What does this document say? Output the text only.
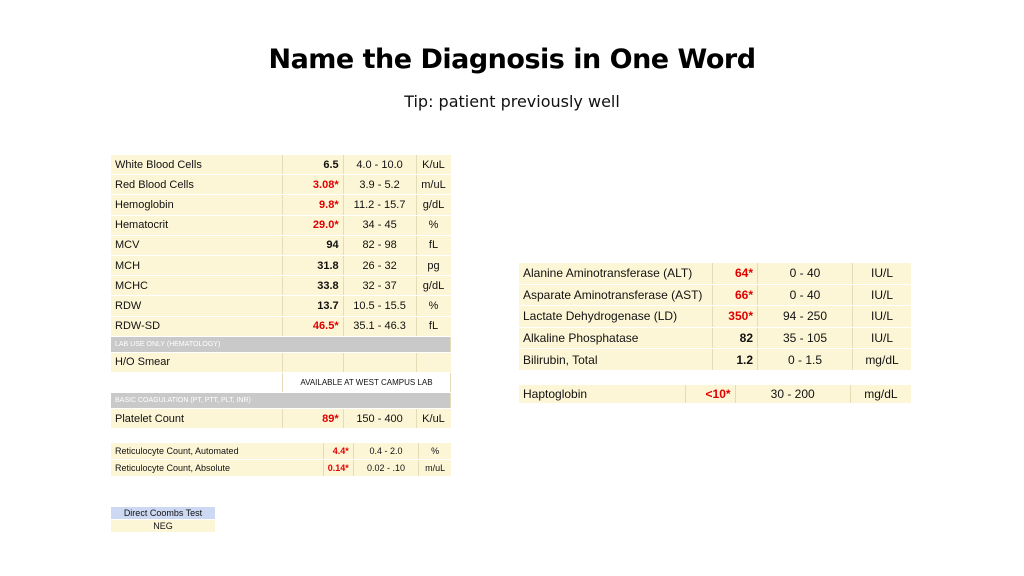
Name the Diagnosis in One Word
Tip: patient previously well
White Blood Cells	6.5	4.0 - 10.0	K/uL
Red Blood Cells	3.08*	3.9 - 5.2	m/uL
Hemoglobin	9.8*	11.2 - 15.7	g/dL
Hematocrit	29.0*	34 - 45	%
MCV	94	82 - 98	fL
MCH	31.8	26 - 32	pg
MCHC	33.8	32 - 37	g/dL
RDW	13.7	10.5 - 15.5	%
RDW-SD	46.5*	35.1 - 46.3	fL
LAB USE ONLY (HEMATOLOGY)			
H/O Smear			
	AVAILABLE AT WEST CAMPUS LAB		
BASIC COAGULATION (PT, PTT, PLT, INR)			
Platelet Count	89*	150 - 400	K/uL
Reticulocyte Count, Automated	4.4*	0.4 - 2.0	%
Reticulocyte Count, Absolute	0.14*	0.02 - .10	m/uL
Direct Coombs Test
NEG
Alanine Aminotransferase (ALT)	64*	0 - 40	IU/L
Asparate Aminotransferase (AST)	66*	0 - 40	IU/L
Lactate Dehydrogenase (LD)	350*	94 - 250	IU/L
Alkaline Phosphatase	82	35 - 105	IU/L
Bilirubin, Total	1.2	0 - 1.5	mg/dL
Haptoglobin	<10*	30 - 200	mg/dL
